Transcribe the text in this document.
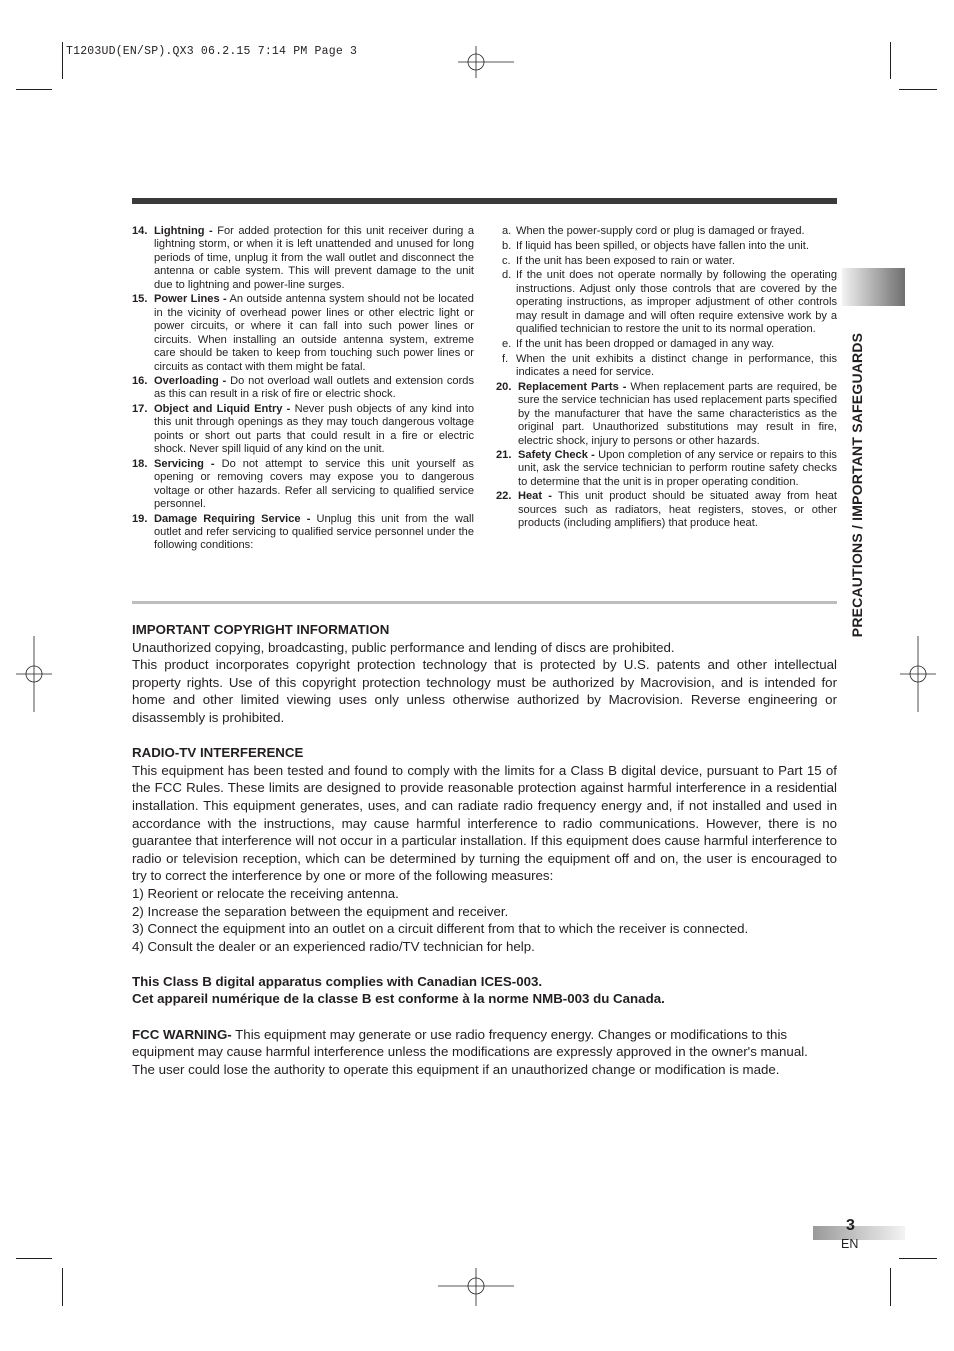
T1203UD(EN/SP).QX3 06.2.15 7:14 PM Page 3
14. Lightning - For added protection for this unit receiver during a lightning storm, or when it is left unattended and unused for long periods of time, unplug it from the wall outlet and disconnect the antenna or cable system. This will prevent damage to the unit due to lightning and power-line surges.
15. Power Lines - An outside antenna system should not be located in the vicinity of overhead power lines or other electric light or power circuits, or where it can fall into such power lines or circuits. When installing an outside antenna system, extreme care should be taken to keep from touching such power lines or circuits as contact with them might be fatal.
16. Overloading - Do not overload wall outlets and extension cords as this can result in a risk of fire or electric shock.
17. Object and Liquid Entry - Never push objects of any kind into this unit through openings as they may touch dangerous voltage points or short out parts that could result in a fire or electric shock. Never spill liquid of any kind on the unit.
18. Servicing - Do not attempt to service this unit yourself as opening or removing covers may expose you to dangerous voltage or other hazards. Refer all servicing to qualified service personnel.
19. Damage Requiring Service - Unplug this unit from the wall outlet and refer servicing to qualified service personnel under the following conditions:
a. When the power-supply cord or plug is damaged or frayed.
b. If liquid has been spilled, or objects have fallen into the unit.
c. If the unit has been exposed to rain or water.
d. If the unit does not operate normally by following the operating instructions. Adjust only those controls that are covered by the operating instructions, as improper adjustment of other controls may result in damage and will often require extensive work by a qualified technician to restore the unit to its normal operation.
e. If the unit has been dropped or damaged in any way.
f. When the unit exhibits a distinct change in performance, this indicates a need for service.
20. Replacement Parts - When replacement parts are required, be sure the service technician has used replacement parts specified by the manufacturer that have the same characteristics as the original part. Unauthorized substitutions may result in fire, electric shock, injury to persons or other hazards.
21. Safety Check - Upon completion of any service or repairs to this unit, ask the service technician to perform routine safety checks to determine that the unit is in proper operating condition.
22. Heat - This unit product should be situated away from heat sources such as radiators, heat registers, stoves, or other products (including amplifiers) that produce heat.	PRECAUTIONS / IMPORTANT SAFEGUARDS

IMPORTANT COPYRIGHT INFORMATION

Unauthorized copying, broadcasting, public performance and lending of discs are prohibited.

This product incorporates copyright protection technology that is protected by U.S. patents and other intellectual property rights. Use of this copyright protection technology must be authorized by Macrovision, and is intended for home and other limited viewing uses only unless otherwise authorized by Macrovision. Reverse engineering or disassembly is prohibited.

RADIO-TV INTERFERENCE

This equipment has been tested and found to comply with the limits for a Class B digital device, pursuant to Part 15 of the FCC Rules. These limits are designed to provide reasonable protection against harmful interference in a residential installation. This equipment generates, uses, and can radiate radio frequency energy and, if not installed and used in accordance with the instructions, may cause harmful interference to radio communications. However, there is no guarantee that interference will not occur in a particular installation. If this equipment does cause harmful interference to radio or television reception, which can be determined by turning the equipment off and on, the user is encouraged to try to correct the interference by one or more of the following measures:

1) Reorient or relocate the receiving antenna.

2) Increase the separation between the equipment and receiver.

3) Connect the equipment into an outlet on a circuit different from that to which the receiver is connected.

4) Consult the dealer or an experienced radio/TV technician for help.

This Class B digital apparatus complies with Canadian ICES-003.

Cet appareil numérique de la classe B est conforme à la norme NMB-003 du Canada.

FCC WARNING- This equipment may generate or use radio frequency energy. Changes or modifications to this equipment may cause harmful interference unless the modifications are expressly approved in the owner's manual. The user could lose the authority to operate this equipment if an unauthorized change or modification is made.

3
EN
